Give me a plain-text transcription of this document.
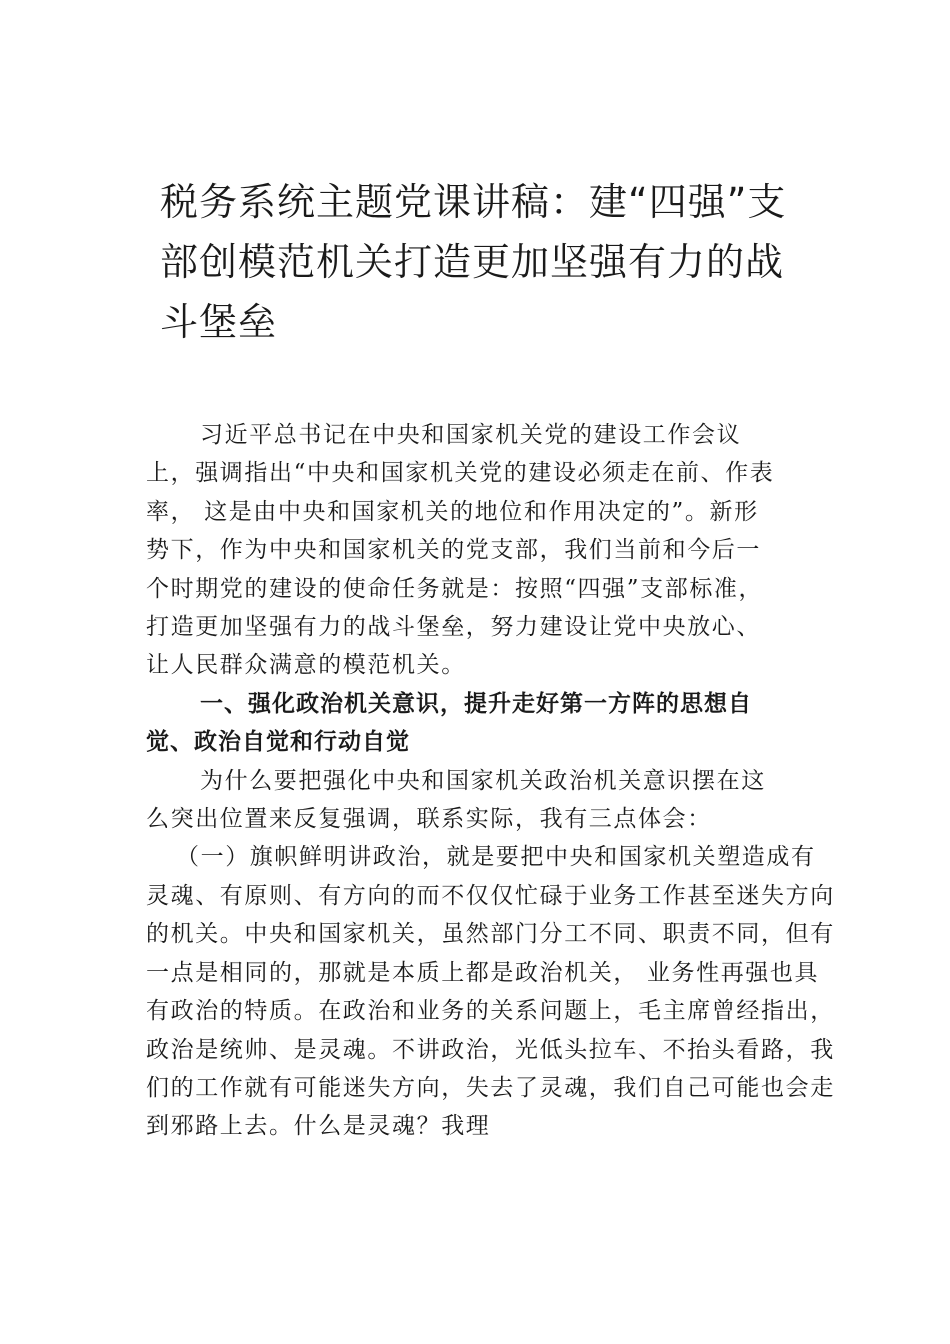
税务系统主题党课讲稿：建“四强”支部创模范机关打造更加坚强有力的战斗堡垒

习近平总书记在中央和国家机关党的建设工作会议上，强调指出“中央和国家机关党的建设必须走在前、作表率， 这是由中央和国家机关的地位和作用决定的”。新形势下，作为中央和国家机关的党支部，我们当前和今后一个时期党的建设的使命任务就是：按照“四强”支部标准，打造更加坚强有力的战斗堡垒，努力建设让党中央放心、让人民群众满意的模范机关。

一、强化政治机关意识，提升走好第一方阵的思想自觉、政治自觉和行动自觉

为什么要把强化中央和国家机关政治机关意识摆在这么突出位置来反复强调，联系实际，我有三点体会：

（一）旗帜鲜明讲政治，就是要把中央和国家机关塑造成有灵魂、有原则、有方向的而不仅仅忙碌于业务工作甚至迷失方向的机关。中央和国家机关，虽然部门分工不同、职责不同，但有一点是相同的，那就是本质上都是政治机关， 业务性再强也具有政治的特质。在政治和业务的关系问题上，毛主席曾经指出，政治是统帅、是灵魂。不讲政治，光低头拉车、不抬头看路，我们的工作就有可能迷失方向，失去了灵魂，我们自己可能也会走到邪路上去。什么是灵魂？我理
